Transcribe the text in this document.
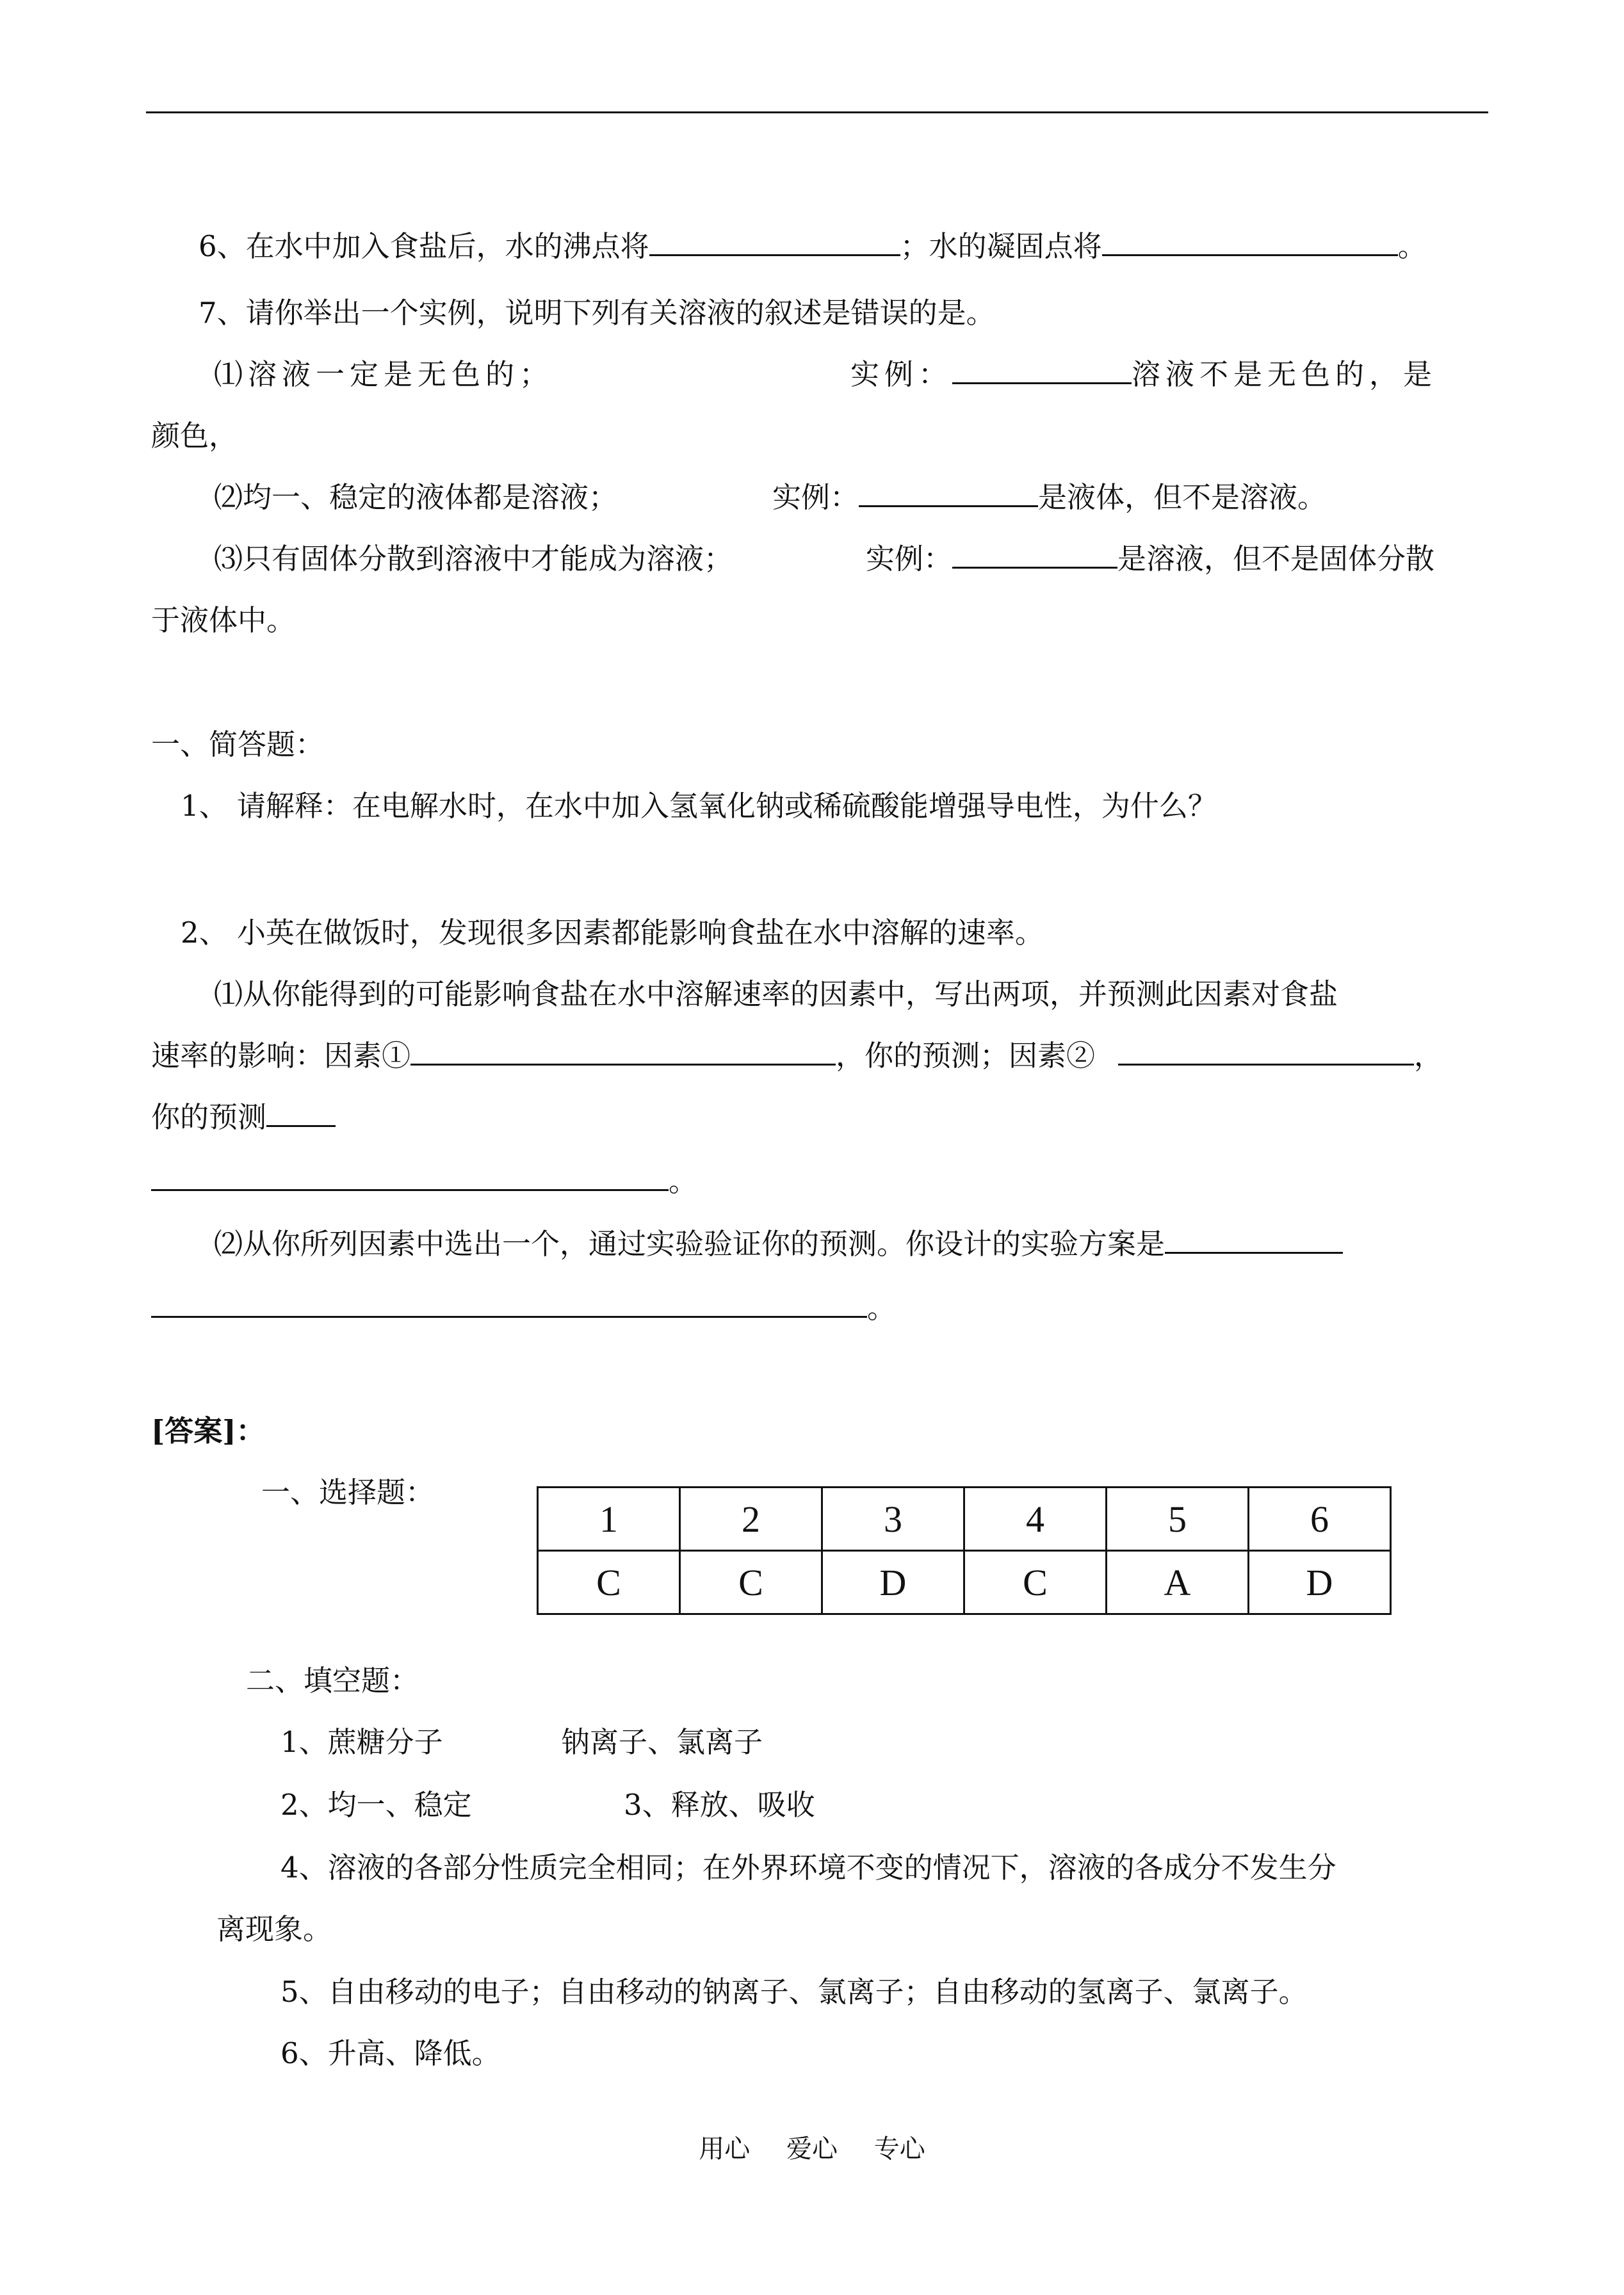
6、在水中加入食盐后，水的沸点将	；水的凝固点将	。
7、请你举出一个实例，说明下列有关溶液的叙述是错误的是。
⑴溶液一定是无色的；	实例：	溶液不是无色的，是
颜色，
⑵均一、稳定的液体都是溶液；	实例：	是液体，但不是溶液。
⑶只有固体分散到溶液中才能成为溶液；	实例：	是溶液，但不是固体分散
于液体中。
一、简答题：
1、 请解释：在电解水时，在水中加入氢氧化钠或稀硫酸能增强导电性，为什么？
2、 小英在做饭时，发现很多因素都能影响食盐在水中溶解的速率。
⑴从你能得到的可能影响食盐在水中溶解速率的因素中，写出两项，并预测此因素对食盐
速率的影响：因素①	，你的预测；因素②	，
你的预测
。
⑵从你所列因素中选出一个，通过实验验证你的预测。你设计的实验方案是
。
[答案]：
一、选择题：
1	2	3	4	5	6
C	C	D	C	A	D
二、填空题：
1、蔗糖分子	钠离子、氯离子
2、均一、稳定	3、释放、吸收
4、溶液的各部分性质完全相同；在外界环境不变的情况下，溶液的各成分不发生分
离现象。
5、自由移动的电子；自由移动的钠离子、氯离子；自由移动的氢离子、氯离子。
6、升高、降低。
用心 爱心 专心
